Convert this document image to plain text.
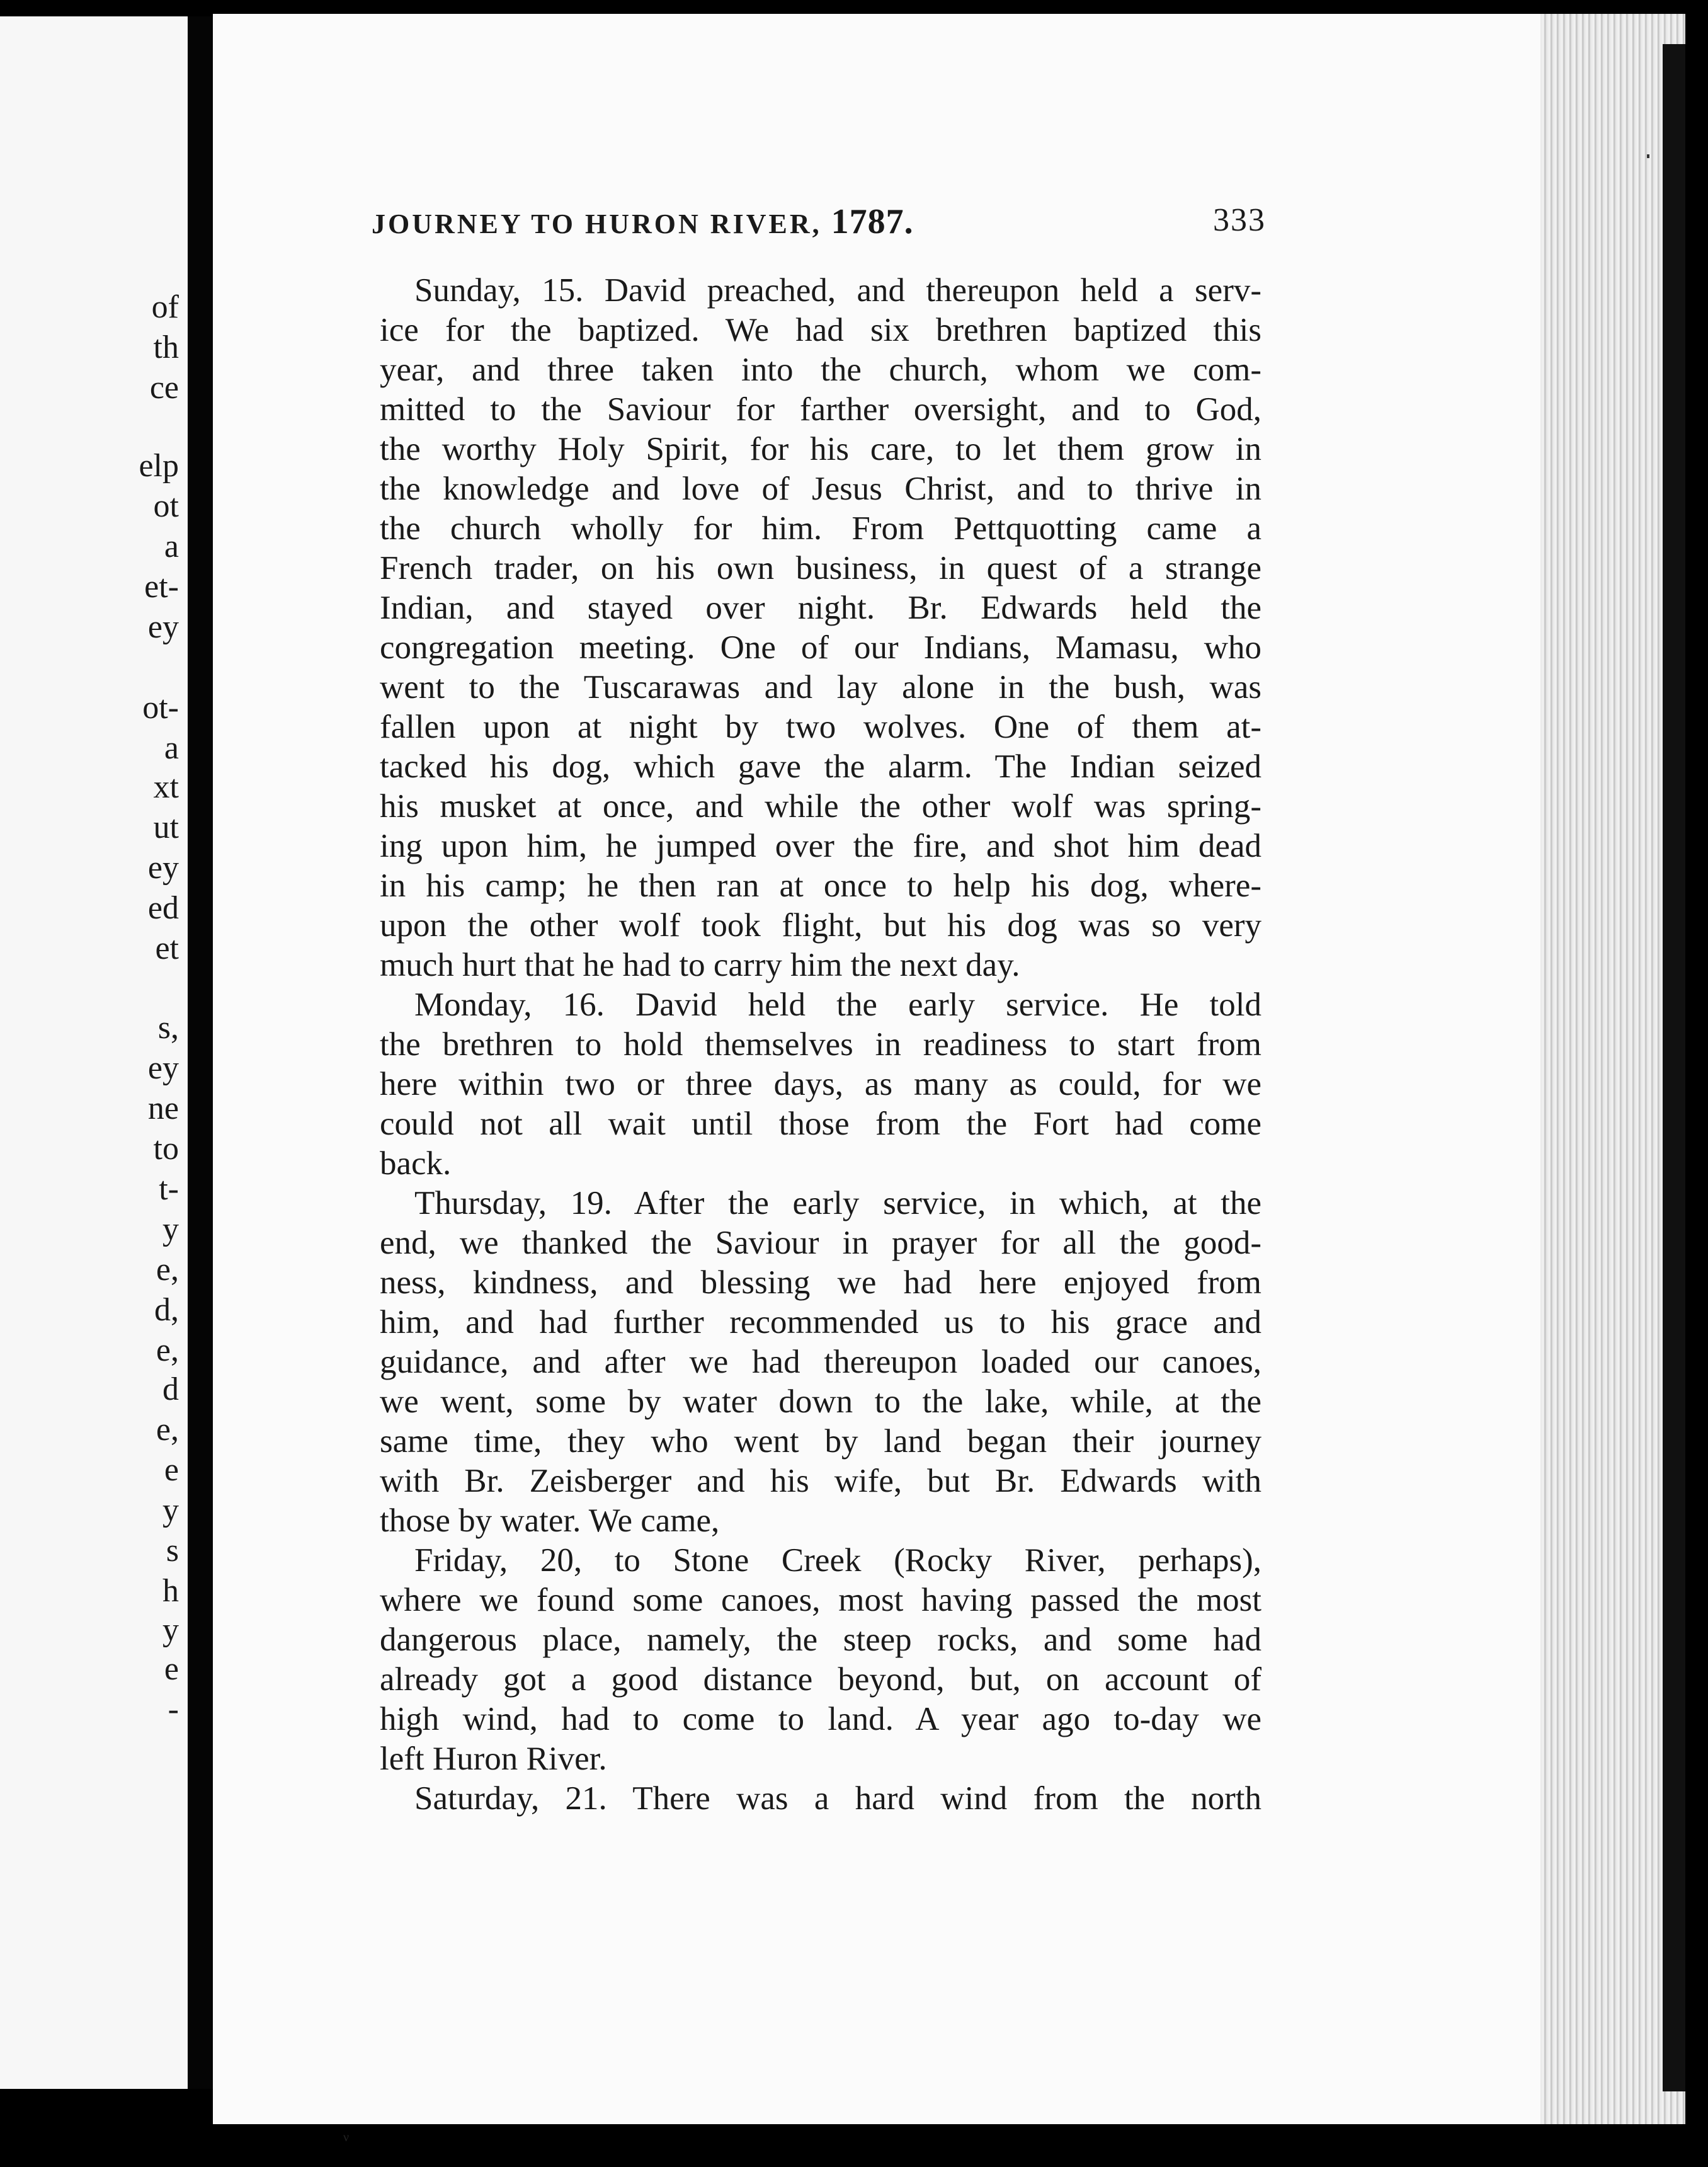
of
th
ce
elp
ot
a
et-
ey
ot-
a
xt
ut
ey
ed
et
s,
ey
ne
to
t-
y
e,
d,
e,
d
e,
e
y
s
h
y
e
-
JOURNEY TO HURON RIVER, 1787.	333
Sunday, 15. David preached, and thereupon held a serv-
ice for the baptized. We had six brethren baptized this
year, and three taken into the church, whom we com-
mitted to the Saviour for farther oversight, and to God,
the worthy Holy Spirit, for his care, to let them grow in
the knowledge and love of Jesus Christ, and to thrive in
the church wholly for him. From Pettquotting came a
French trader, on his own business, in quest of a strange
Indian, and stayed over night. Br. Edwards held the
congregation meeting. One of our Indians, Mamasu, who
went to the Tuscarawas and lay alone in the bush, was
fallen upon at night by two wolves. One of them at-
tacked his dog, which gave the alarm. The Indian seized
his musket at once, and while the other wolf was spring-
ing upon him, he jumped over the fire, and shot him dead
in his camp; he then ran at once to help his dog, where-
upon the other wolf took flight, but his dog was so very
much hurt that he had to carry him the next day.
Monday, 16. David held the early service. He told
the brethren to hold themselves in readiness to start from
here within two or three days, as many as could, for we
could not all wait until those from the Fort had come
back.
Thursday, 19. After the early service, in which, at the
end, we thanked the Saviour in prayer for all the good-
ness, kindness, and blessing we had here enjoyed from
him, and had further recommended us to his grace and
guidance, and after we had thereupon loaded our canoes,
we went, some by water down to the lake, while, at the
same time, they who went by land began their journey
with Br. Zeisberger and his wife, but Br. Edwards with
those by water. We came,
Friday, 20, to Stone Creek (Rocky River, perhaps),
where we found some canoes, most having passed the most
dangerous place, namely, the steep rocks, and some had
already got a good distance beyond, but, on account of
high wind, had to come to land. A year ago to-day we
left Huron River.
Saturday, 21. There was a hard wind from the north
ν
